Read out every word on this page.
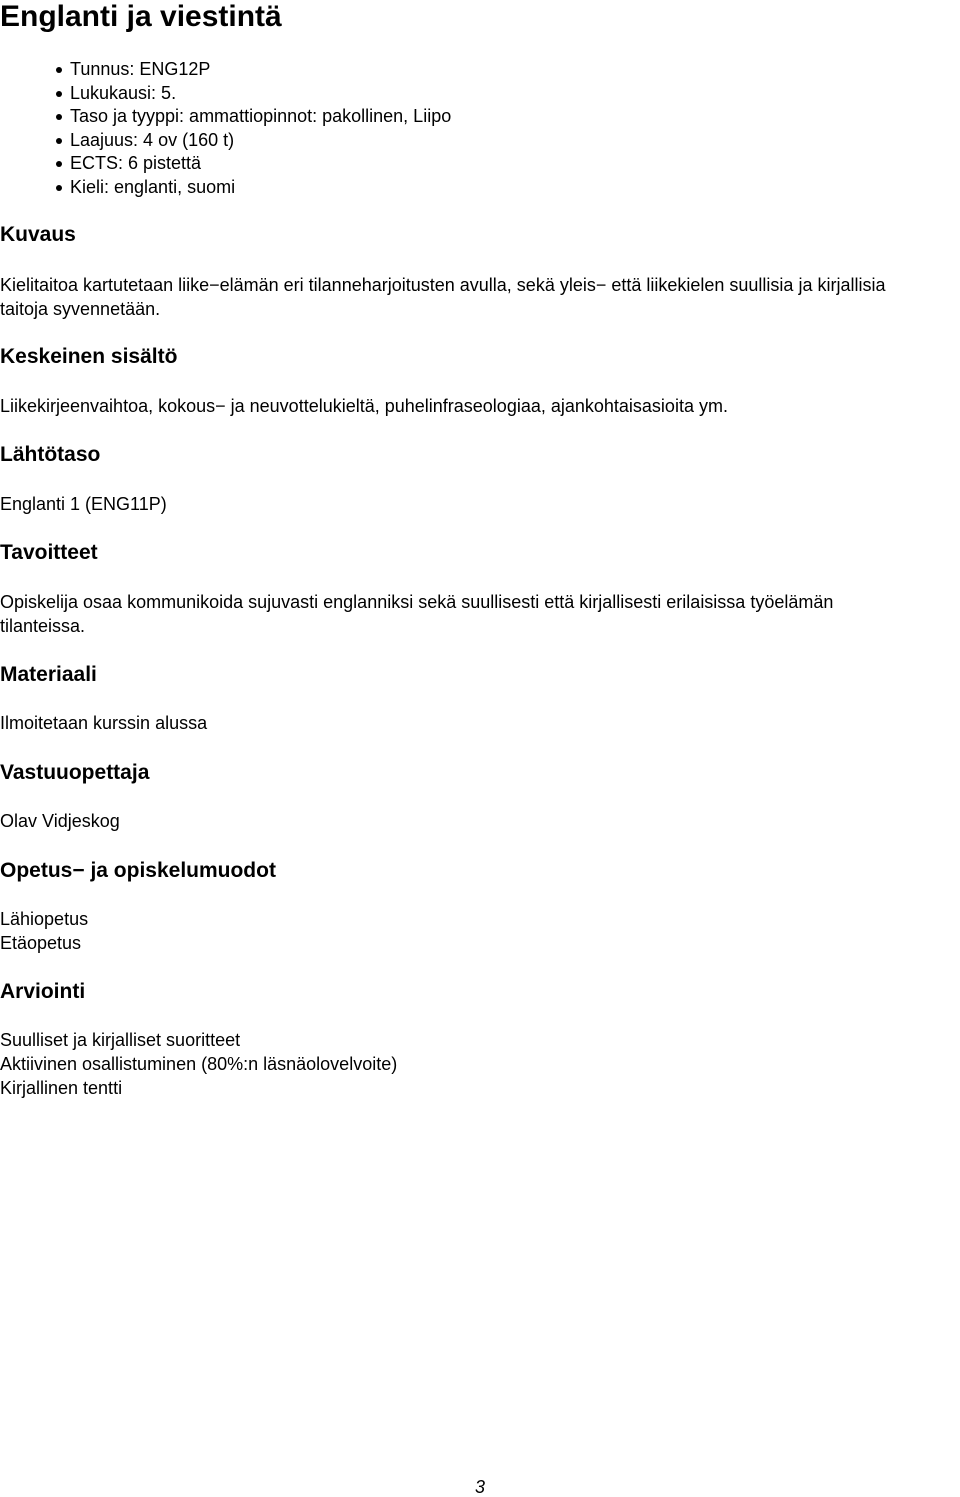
Englanti ja viestintä
Tunnus: ENG12P
Lukukausi: 5.
Taso ja tyyppi: ammattiopinnot: pakollinen, Liipo
Laajuus: 4 ov (160 t)
ECTS: 6 pistettä
Kieli: englanti, suomi
Kuvaus
Kielitaitoa kartutetaan liike−elämän eri tilanneharjoitusten avulla, sekä yleis− että liikekielen suullisia ja kirjallisia
taitoja syvennetään.
Keskeinen sisältö
Liikekirjeenvaihtoa, kokous− ja neuvottelukieltä, puhelinfraseologiaa, ajankohtaisasioita ym.
Lähtötaso
Englanti 1 (ENG11P)
Tavoitteet
Opiskelija osaa kommunikoida sujuvasti englanniksi sekä suullisesti että kirjallisesti erilaisissa työelämän
tilanteissa.
Materiaali
Ilmoitetaan kurssin alussa
Vastuuopettaja
Olav Vidjeskog
Opetus− ja opiskelumuodot
Lähiopetus
Etäopetus
Arviointi
Suulliset ja kirjalliset suoritteet
Aktiivinen osallistuminen (80%:n läsnäolovelvoite)
Kirjallinen tentti
3
